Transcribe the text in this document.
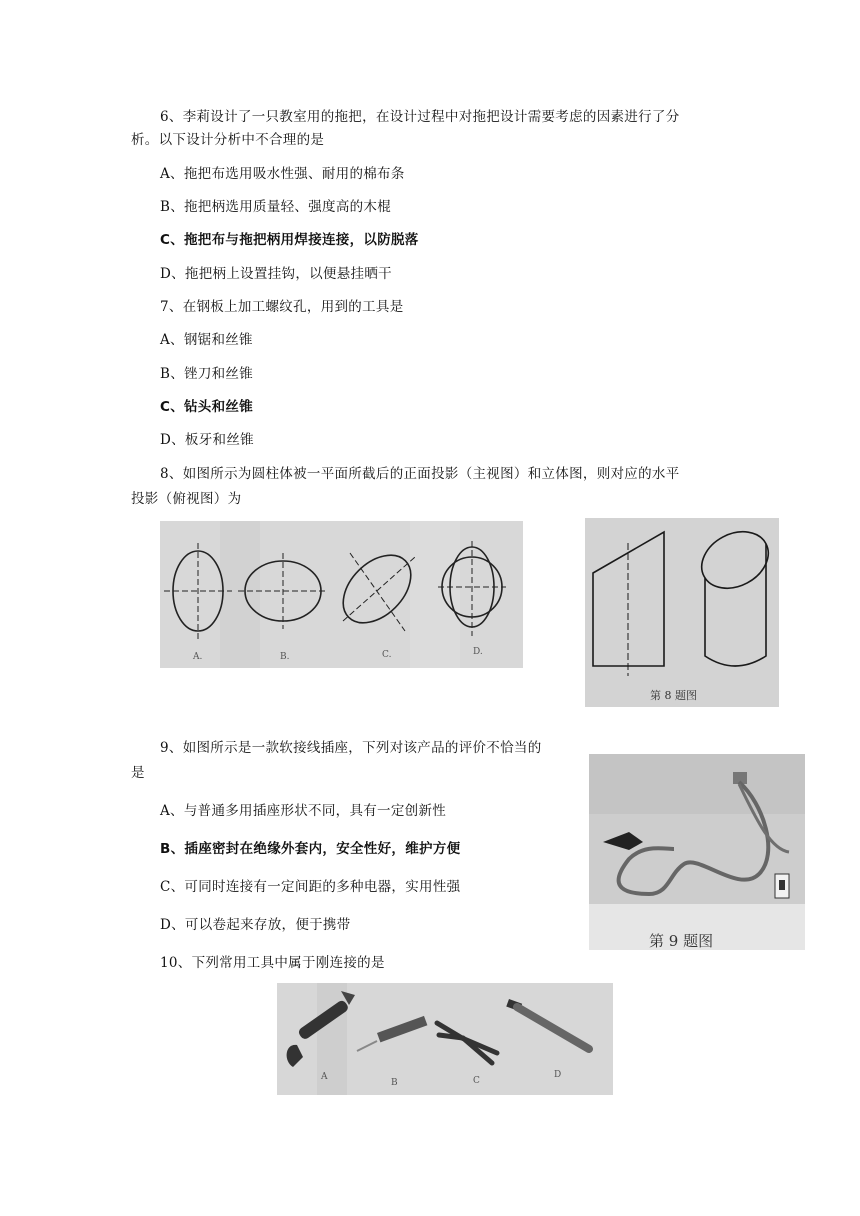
6、李莉设计了一只教室用的拖把，在设计过程中对拖把设计需要考虑的因素进行了分
析。以下设计分析中不合理的是
A、拖把布选用吸水性强、耐用的棉布条
B、拖把柄选用质量轻、强度高的木棍
C、拖把布与拖把柄用焊接连接，以防脱落
D、拖把柄上设置挂钩，以便悬挂晒干
7、在钢板上加工螺纹孔，用到的工具是
A、钢锯和丝锥
B、锉刀和丝锥
C、钻头和丝锥
D、板牙和丝锥
8、如图所示为圆柱体被一平面所截后的正面投影（主视图）和立体图，则对应的水平
投影（俯视图）为
A.	B.	C.	D.
第 8 题图
9、如图所示是一款软接线插座，下列对该产品的评价不恰当的
是
A、与普通多用插座形状不同，具有一定创新性
B、插座密封在绝缘外套内，安全性好，维护方便
C、可同时连接有一定间距的多种电器，实用性强
D、可以卷起来存放，便于携带
第 9 题图
10、下列常用工具中属于刚连接的是
A
B	C
D
